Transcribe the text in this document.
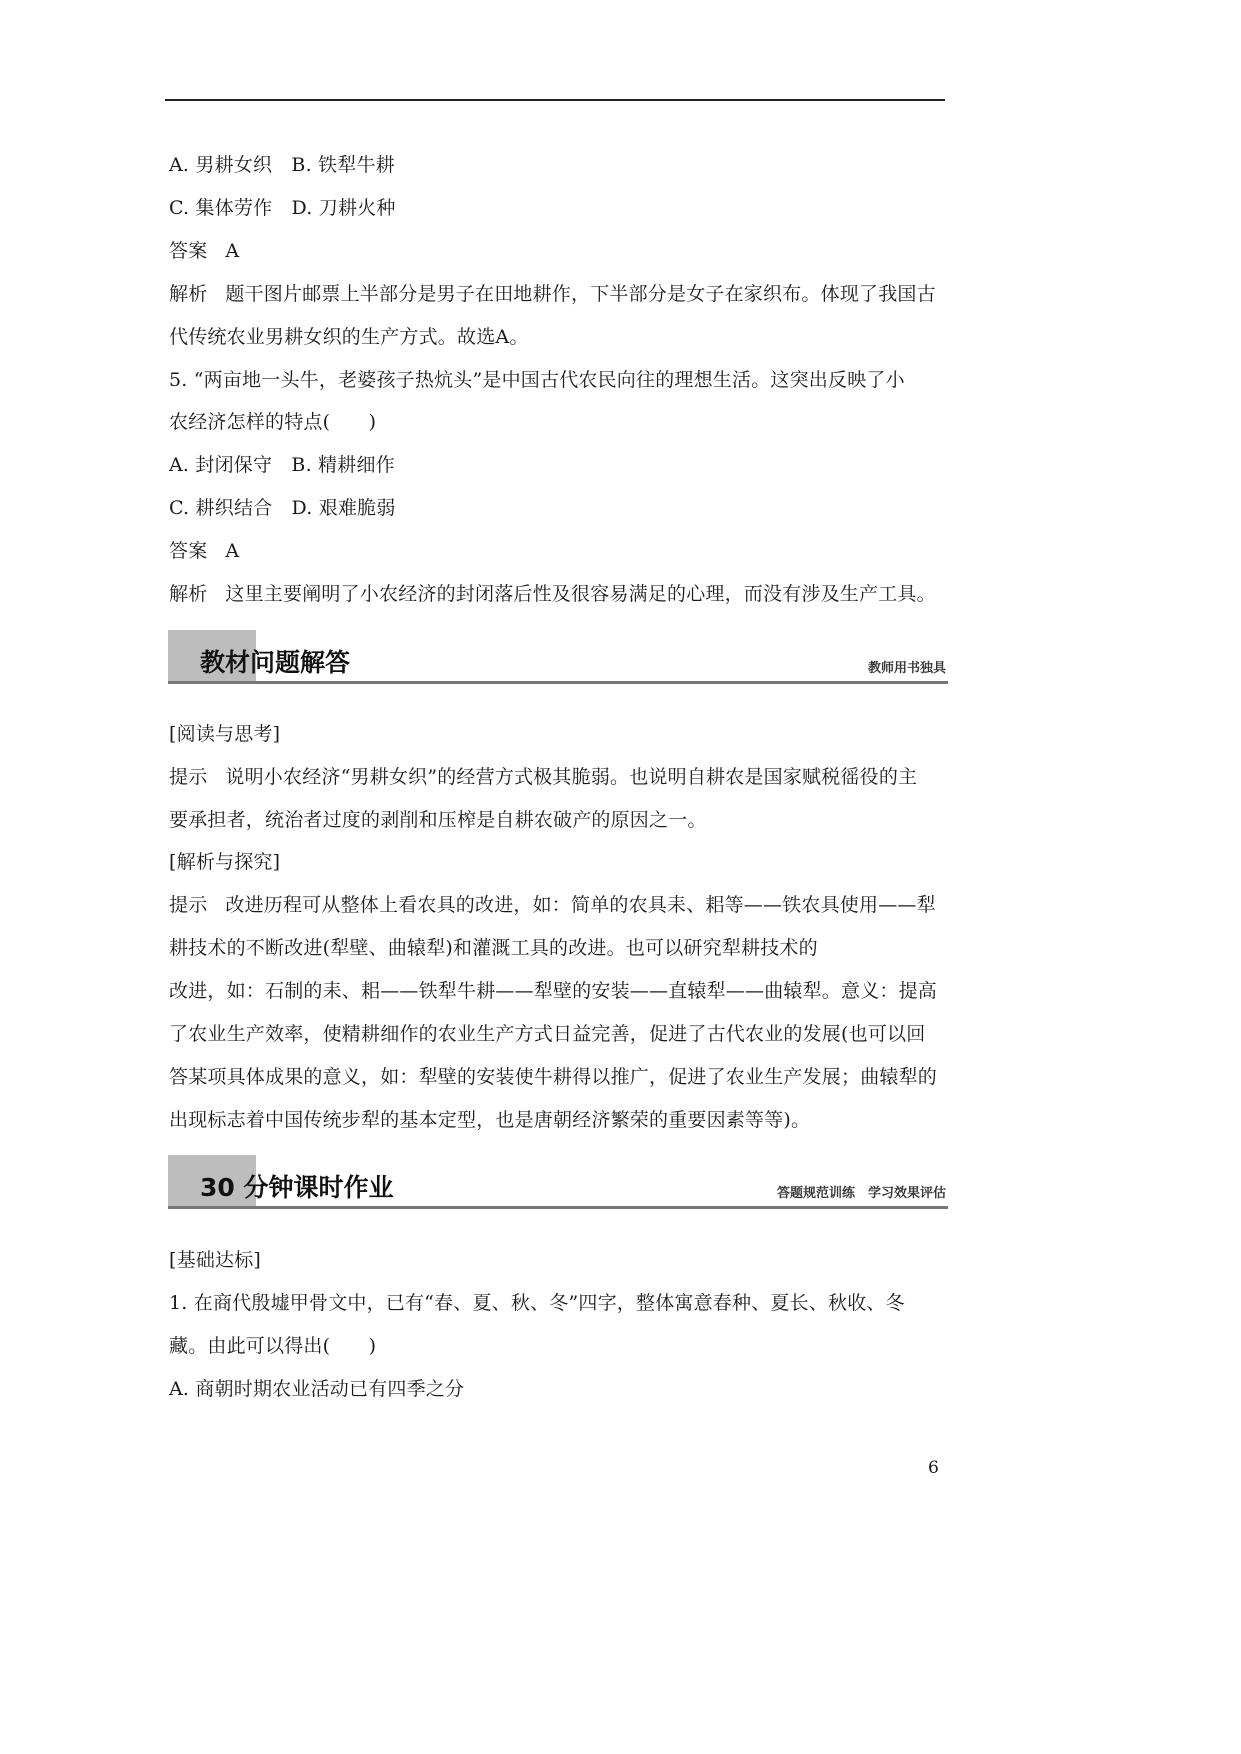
A. 男耕女织　B. 铁犁牛耕
C. 集体劳作　D. 刀耕火种
答案 A
解析 题干图片邮票上半部分是男子在田地耕作，下半部分是女子在家织布。体现了我国古
代传统农业男耕女织的生产方式。故选A。
5. “两亩地一头牛，老婆孩子热炕头”是中国古代农民向往的理想生活。这突出反映了小
农经济怎样的特点(　　)
A. 封闭保守　B. 精耕细作
C. 耕织结合　D. 艰难脆弱
答案 A
解析 这里主要阐明了小农经济的封闭落后性及很容易满足的心理，而没有涉及生产工具。
教材问题解答	教师用书独具
[阅读与思考]
提示 说明小农经济“男耕女织”的经营方式极其脆弱。也说明自耕农是国家赋税徭役的主
要承担者，统治者过度的剥削和压榨是自耕农破产的原因之一。
[解析与探究]
提示 改进历程可从整体上看农具的改进，如：简单的农具耒、耜等——铁农具使用——犁
耕技术的不断改进(犁壁、曲辕犁)和灌溉工具的改进。也可以研究犁耕技术的
改进，如：石制的耒、耜——铁犁牛耕——犁壁的安装——直辕犁——曲辕犁。意义：提高
了农业生产效率，使精耕细作的农业生产方式日益完善，促进了古代农业的发展(也可以回
答某项具体成果的意义，如：犁壁的安装使牛耕得以推广，促进了农业生产发展；曲辕犁的
出现标志着中国传统步犁的基本定型，也是唐朝经济繁荣的重要因素等等)。
30 分钟课时作业	答题规范训练　学习效果评估
[基础达标]
1. 在商代殷墟甲骨文中，已有“春、夏、秋、冬”四字，整体寓意春种、夏长、秋收、冬
藏。由此可以得出(　　)
A. 商朝时期农业活动已有四季之分
6
